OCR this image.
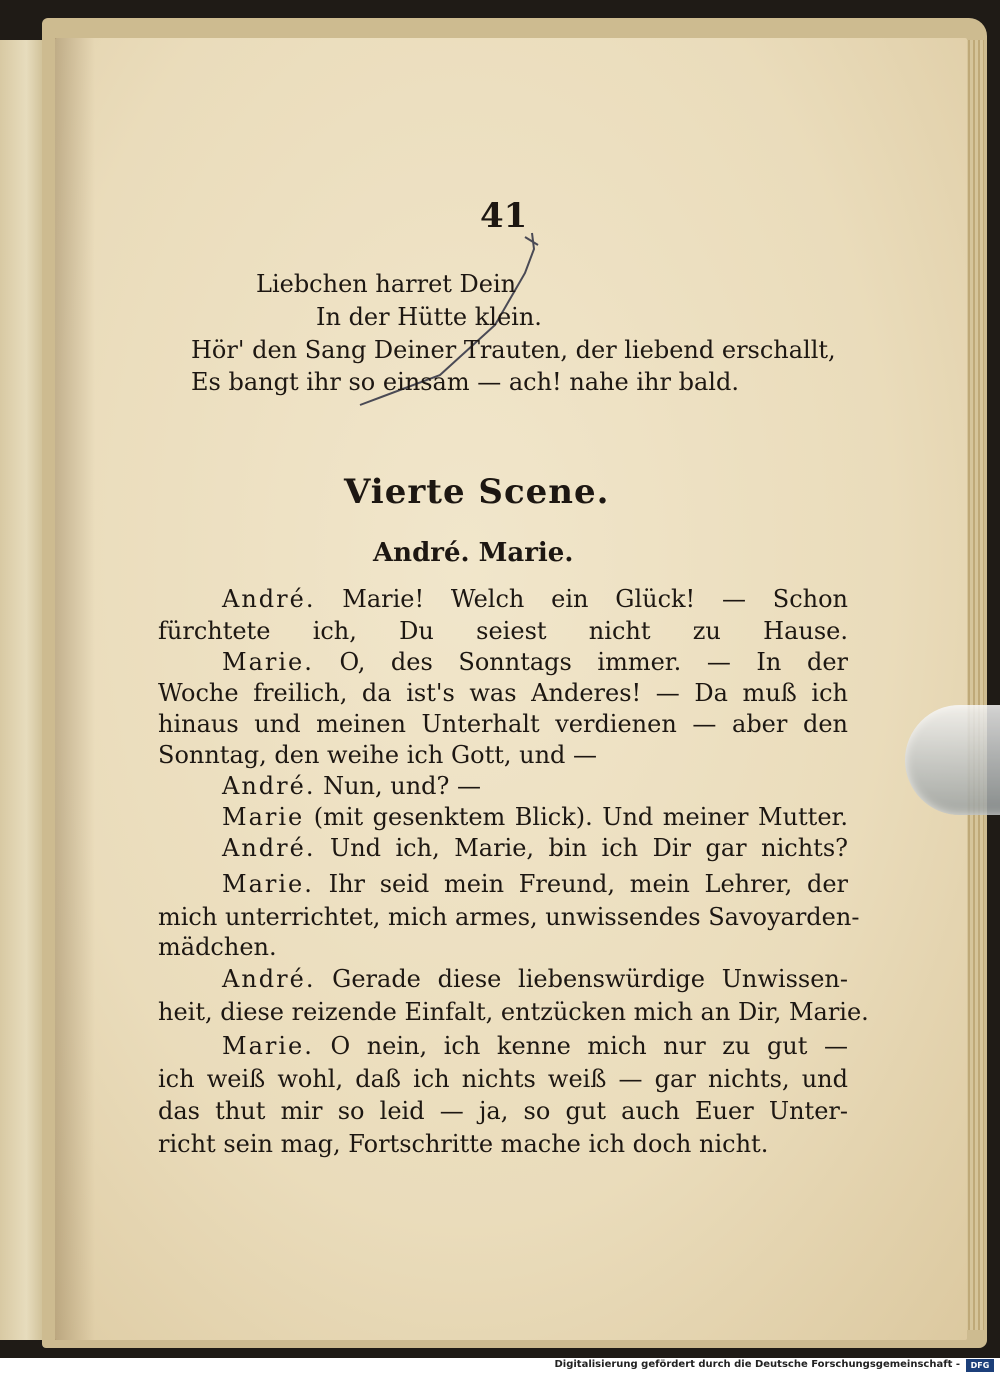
41
Liebchen harret Dein
In der Hütte klein.
Hör' den Sang Deiner Trauten, der liebend erschallt,
Es bangt ihr so einsam — ach! nahe ihr bald.
Vierte Scene.
André. Marie.
André. Marie! Welch ein Glück! — Schon
fürchtete ich, Du seiest nicht zu Hause.
Marie. O, des Sonntags immer. — In der
Woche freilich, da ist's was Anderes! — Da muß ich
hinaus und meinen Unterhalt verdienen — aber den
Sonntag, den weihe ich Gott, und —
André. Nun, und? —
Marie (mit gesenktem Blick). Und meiner Mutter.
André. Und ich, Marie, bin ich Dir gar nichts?
Marie. Ihr seid mein Freund, mein Lehrer, der
mich unterrichtet, mich armes, unwissendes Savoyarden-
mädchen.
André. Gerade diese liebenswürdige Unwissen-
heit, diese reizende Einfalt, entzücken mich an Dir, Marie.
Marie. O nein, ich kenne mich nur zu gut —
ich weiß wohl, daß ich nichts weiß — gar nichts, und
das thut mir so leid — ja, so gut auch Euer Unter-
richt sein mag, Fortschritte mache ich doch nicht.
Digitalisierung gefördert durch die Deutsche Forschungsgemeinschaft -	DFG
